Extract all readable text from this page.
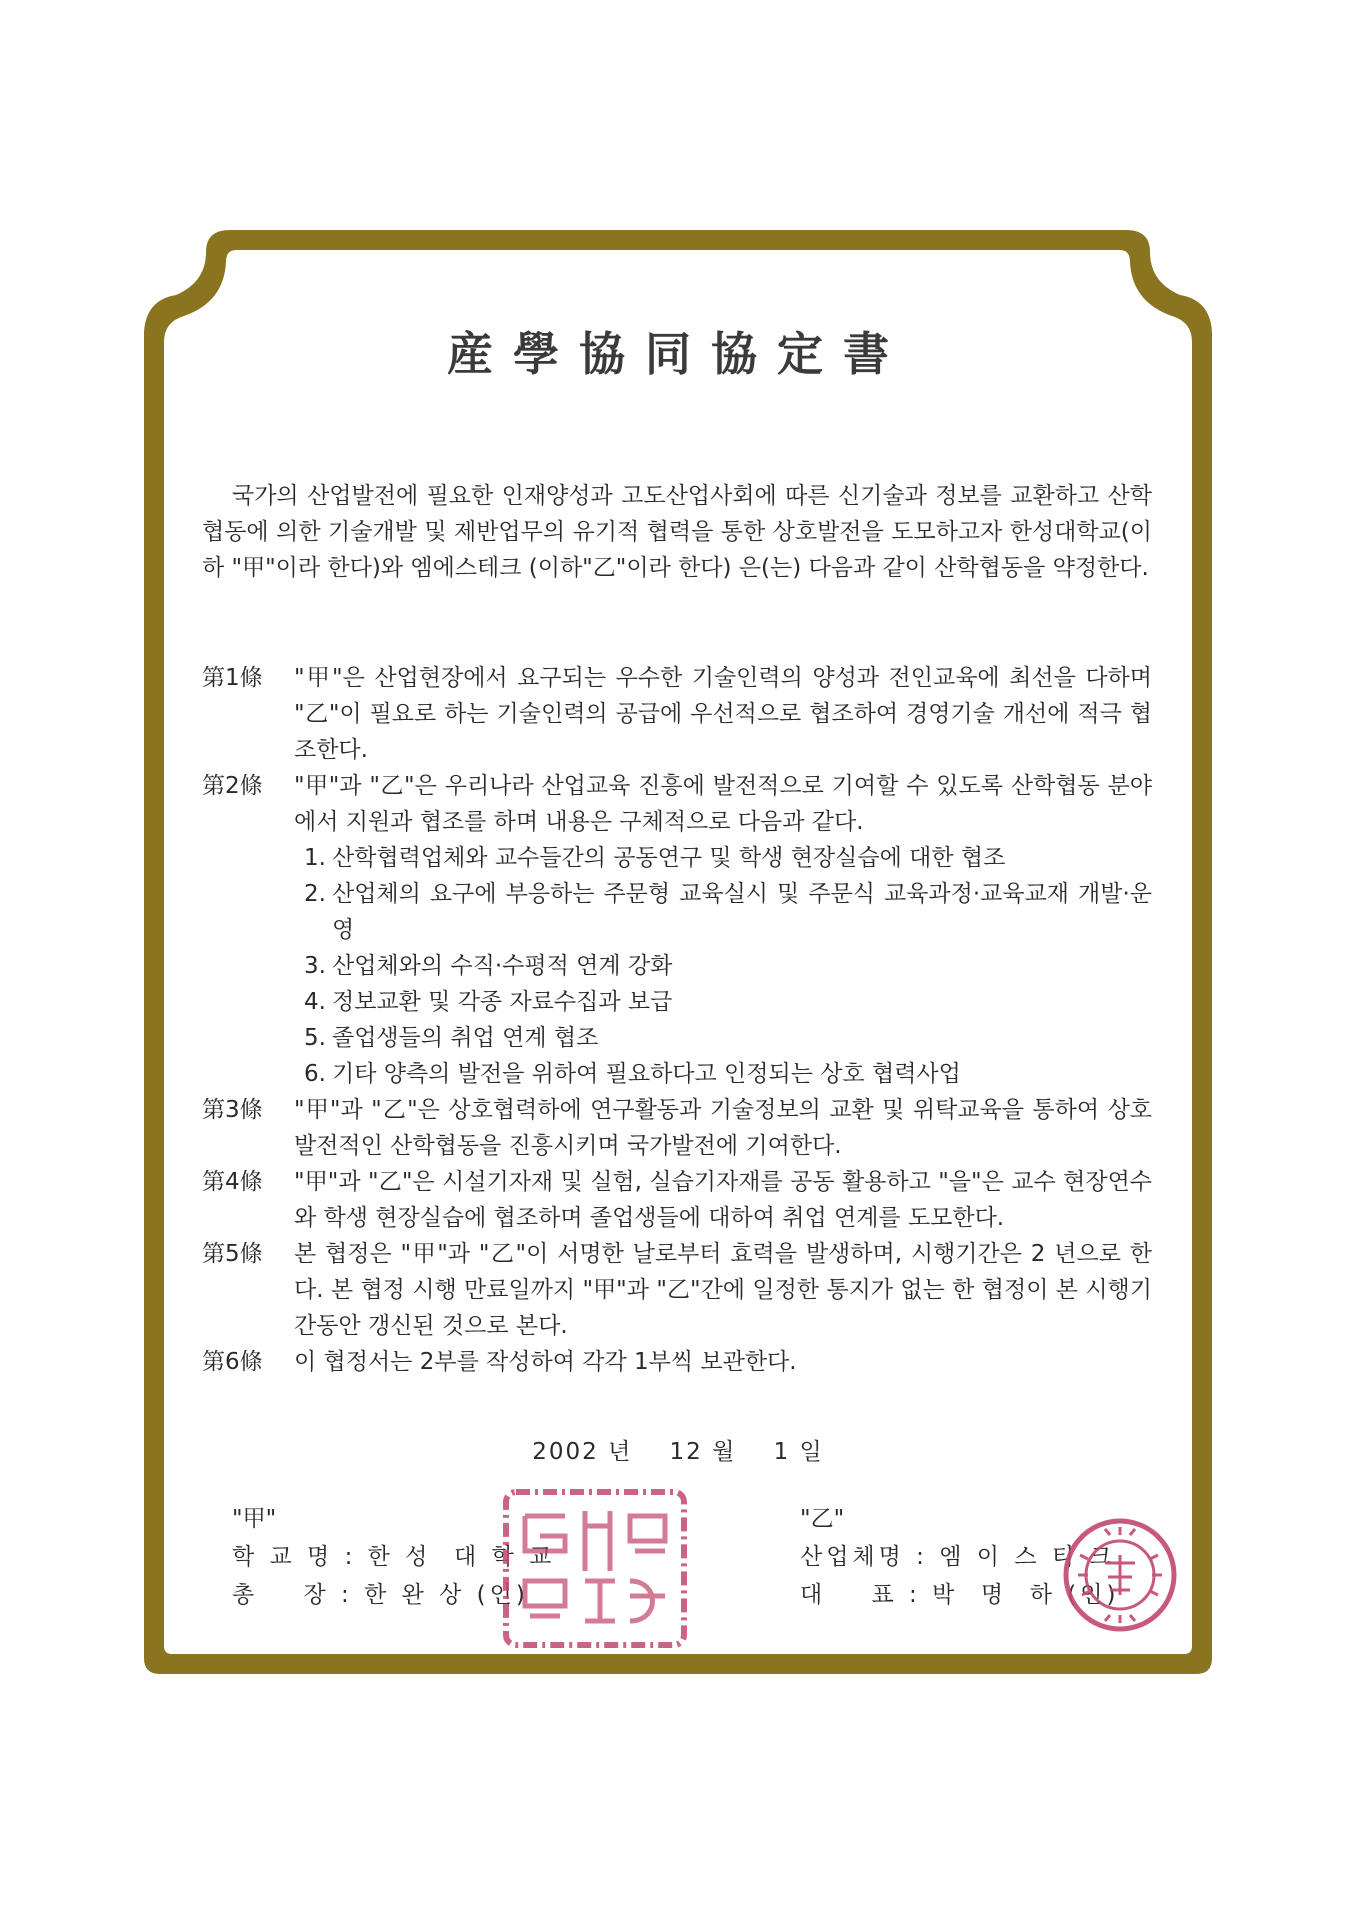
産學協同協定書

국가의 산업발전에 필요한 인재양성과 고도산업사회에 따른 신기술과 정보를 교환하고 산학협동에 의한 기술개발 및 제반업무의 유기적 협력을 통한 상호발전을 도모하고자 한성대학교(이하 "甲"이라 한다)와 엠에스테크 (이하"乙"이라 한다) 은(는) 다음과 같이 산학협동을 약정한다.

第1條	"甲"은 산업현장에서 요구되는 우수한 기술인력의 양성과 전인교육에 최선을 다하며 "乙"이 필요로 하는 기술인력의 공급에 우선적으로 협조하여 경영기술 개선에 적극 협조한다.
第2條	"甲"과 "乙"은 우리나라 산업교육 진흥에 발전적으로 기여할 수 있도록 산학협동 분야에서 지원과 협조를 하며 내용은 구체적으로 다음과 같다.
1. 산학협력업체와 교수들간의 공동연구 및 학생 현장실습에 대한 협조
2. 산업체의 요구에 부응하는 주문형 교육실시 및 주문식 교육과정·교육교재 개발·운영
3. 산업체와의 수직·수평적 연계 강화
4. 정보교환 및 각종 자료수집과 보급
5. 졸업생들의 취업 연계 협조
6. 기타 양측의 발전을 위하여 필요하다고 인정되는 상호 협력사업
第3條	"甲"과 "乙"은 상호협력하에 연구활동과 기술정보의 교환 및 위탁교육을 통하여 상호 발전적인 산학협동을 진흥시키며 국가발전에 기여한다.
第4條	"甲"과 "乙"은 시설기자재 및 실험, 실습기자재를 공동 활용하고 "을"은 교수 현장연수와 학생 현장실습에 협조하며 졸업생들에 대하여 취업 연계를 도모한다.
第5條	본 협정은 "甲"과 "乙"이 서명한 날로부터 효력을 발생하며, 시행기간은 2 년으로 한다. 본 협정 시행 만료일까지 "甲"과 "乙"간에 일정한 통지가 없는 한 협정이 본 시행기간동안 갱신된 것으로 본다.
第6條	이 협정서는 2부를 작성하여 각각 1부씩 보관한다.
2002 년    12 월    1 일
"甲"
학 교 명 : 한 성  대 학 교
총    장 : 한 완 상 (인)
"乙"
산업체명 : 엠 이 스 티 크
대    표 : 박  명  하 (인)
